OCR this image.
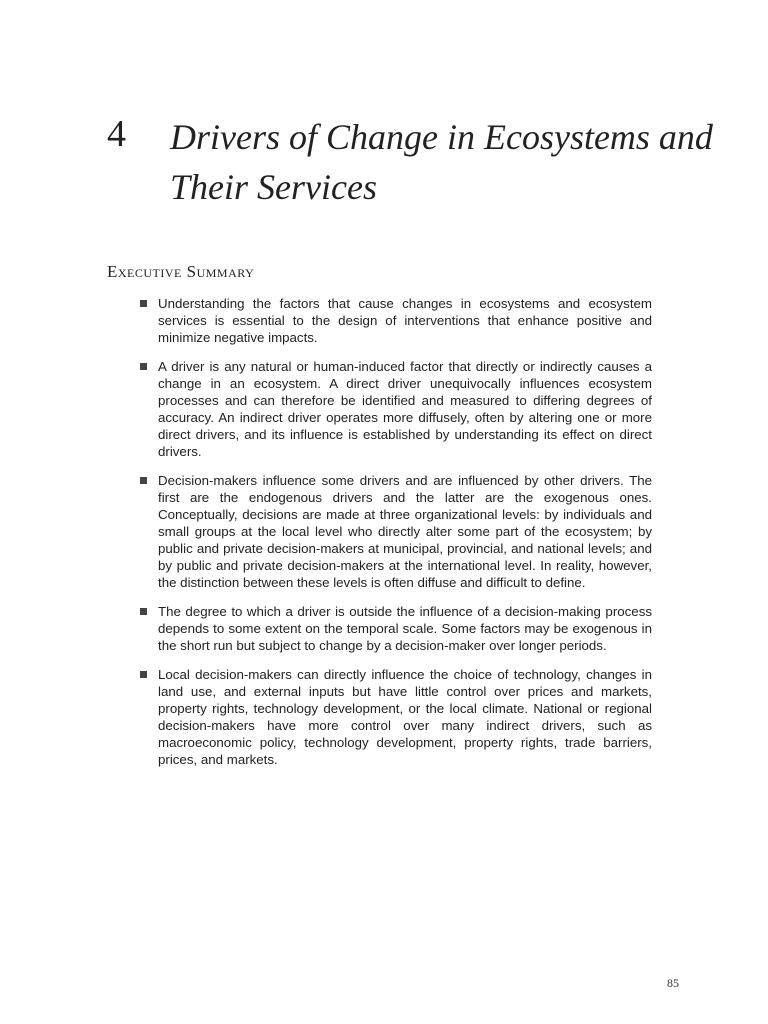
4 Drivers of Change in Ecosystems and Their Services
Executive Summary
Understanding the factors that cause changes in ecosystems and ecosystem services is essential to the design of interventions that enhance positive and minimize negative impacts.
A driver is any natural or human-induced factor that directly or indirectly causes a change in an ecosystem. A direct driver unequivocally influences ecosystem processes and can therefore be identified and measured to differing degrees of accuracy. An indirect driver operates more diffusely, often by altering one or more direct drivers, and its influence is established by understanding its effect on direct drivers.
Decision-makers influence some drivers and are influenced by other drivers. The first are the endogenous drivers and the latter are the exogenous ones. Conceptually, decisions are made at three organizational levels: by individuals and small groups at the local level who directly alter some part of the ecosystem; by public and private decision-makers at municipal, provincial, and national levels; and by public and private decision-makers at the international level. In reality, however, the distinction between these levels is often diffuse and difficult to define.
The degree to which a driver is outside the influence of a decision-making process depends to some extent on the temporal scale. Some factors may be exogenous in the short run but subject to change by a decision-maker over longer periods.
Local decision-makers can directly influence the choice of technology, changes in land use, and external inputs but have little control over prices and markets, property rights, technology development, or the local climate. National or regional decision-makers have more control over many indirect drivers, such as macroeconomic policy, technology development, property rights, trade barriers, prices, and markets.
85
